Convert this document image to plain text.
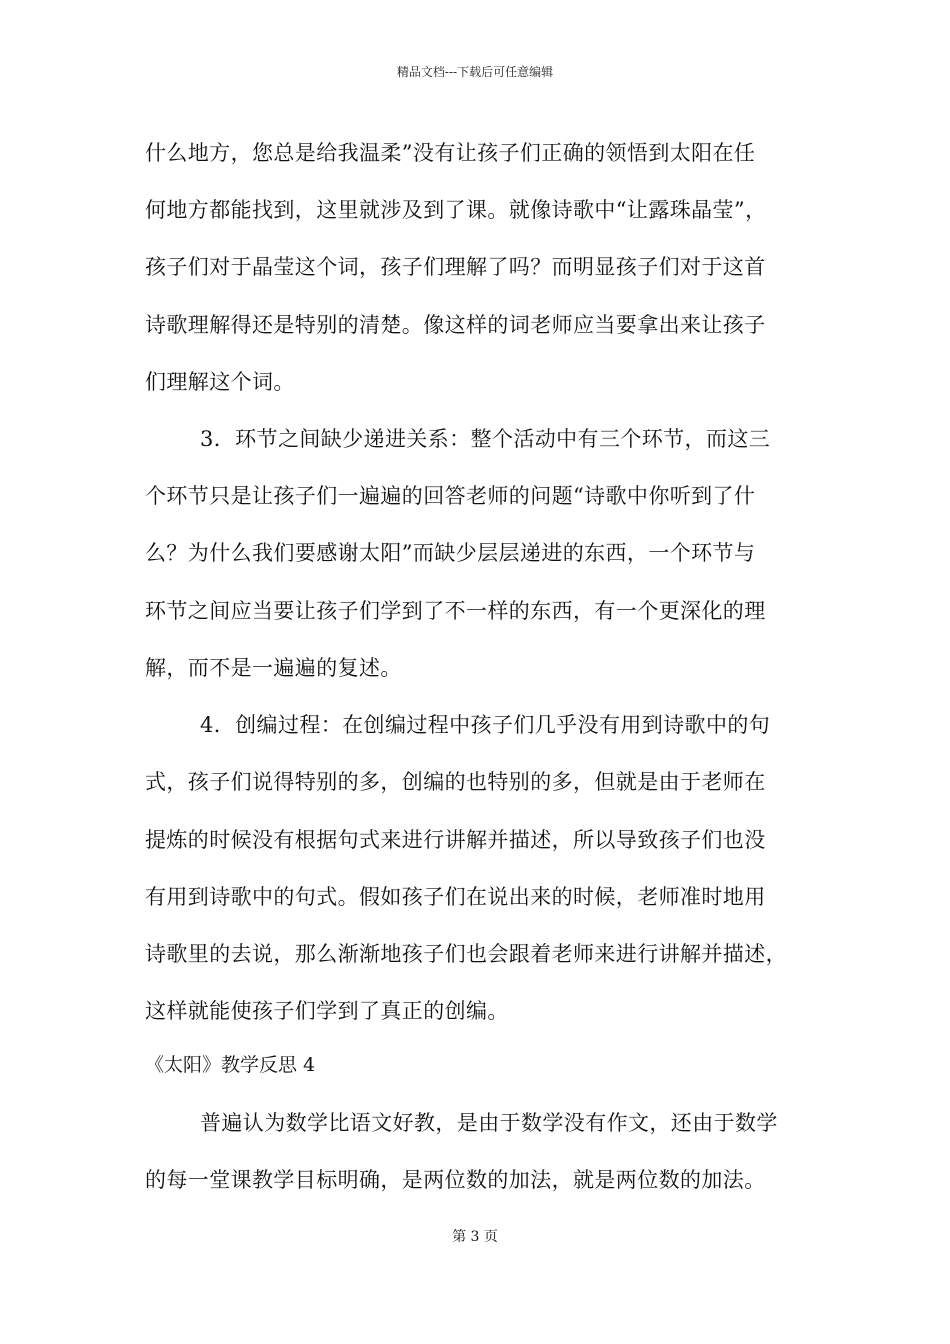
精品文档---下载后可任意编辑
什么地方，您总是给我温柔”没有让孩子们正确的领悟到太阳在任
何地方都能找到，这里就涉及到了课。就像诗歌中“让露珠晶莹”，
孩子们对于晶莹这个词，孩子们理解了吗？而明显孩子们对于这首
诗歌理解得还是特别的清楚。像这样的词老师应当要拿出来让孩子
们理解这个词。
3．环节之间缺少递进关系：整个活动中有三个环节，而这三
个环节只是让孩子们一遍遍的回答老师的问题“诗歌中你听到了什
么？为什么我们要感谢太阳”而缺少层层递进的东西，一个环节与
环节之间应当要让孩子们学到了不一样的东西，有一个更深化的理
解，而不是一遍遍的复述。
4．创编过程：在创编过程中孩子们几乎没有用到诗歌中的句
式，孩子们说得特别的多，创编的也特别的多，但就是由于老师在
提炼的时候没有根据句式来进行讲解并描述，所以导致孩子们也没
有用到诗歌中的句式。假如孩子们在说出来的时候，老师准时地用
诗歌里的去说，那么渐渐地孩子们也会跟着老师来进行讲解并描述，
这样就能使孩子们学到了真正的创编。
《太阳》教学反思 4
普遍认为数学比语文好教，是由于数学没有作文，还由于数学
的每一堂课教学目标明确，是两位数的加法，就是两位数的加法。
第 3 页
